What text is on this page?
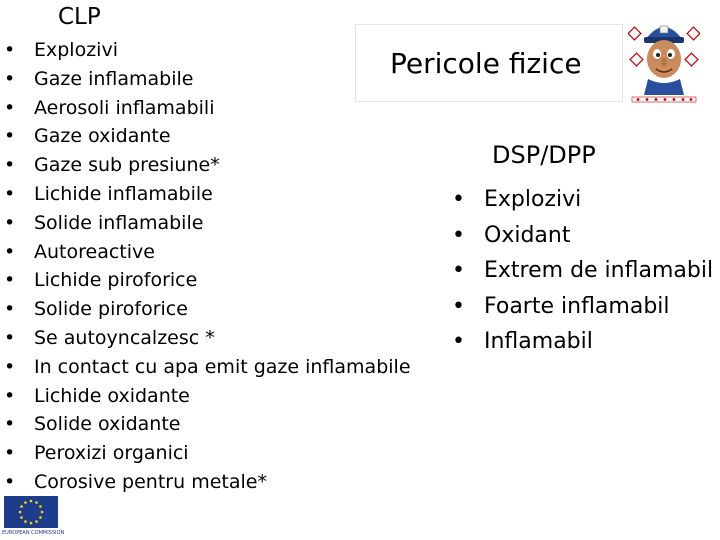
CLP
• Explozivi
• Gaze inflamabile
• Aerosoli inflamabili
• Gaze oxidante
• Gaze sub presiune*
• Lichide inflamabile
• Solide inflamabile
• Autoreactive
• Lichide piroforice
• Solide piroforice
• Se autoyncalzesc *
• In contact cu apa emit gaze inflamabile
• Lichide oxidante
• Solide oxidante
• Peroxizi organici
• Corosive pentru metale*
Pericole fizice
DSP/DPP
• Explozivi
• Oxidant
• Extrem de inflamabil
• Foarte inflamabil
• Inflamabil
EUROPEAN COMMISSION
